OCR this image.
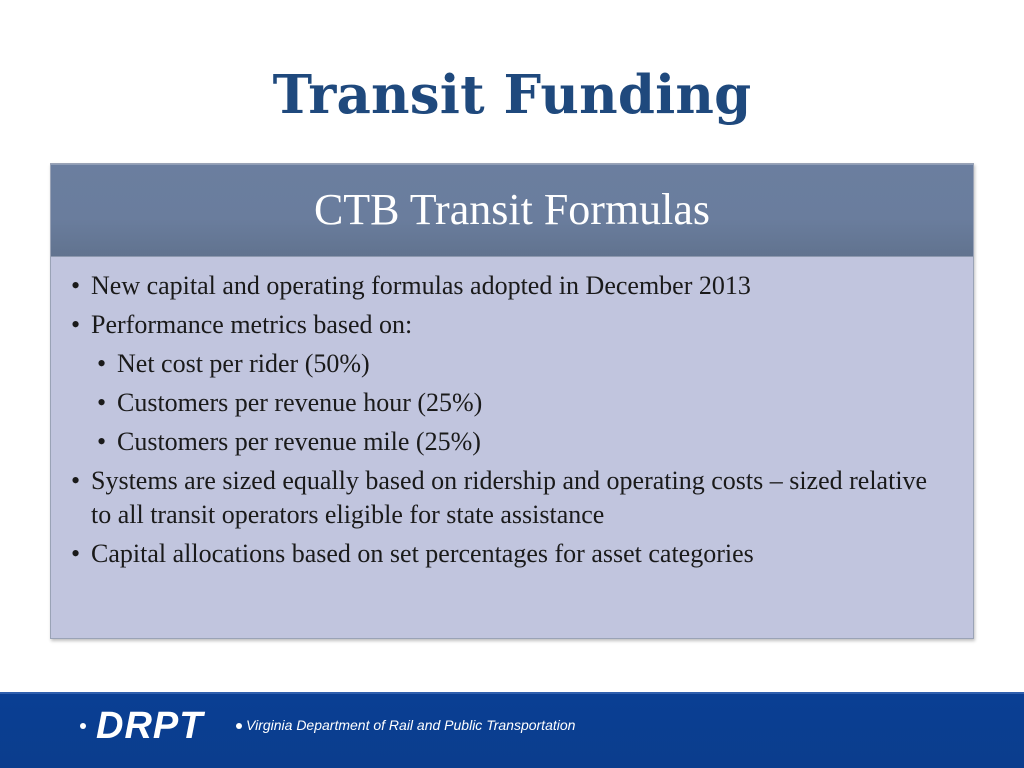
Transit Funding
CTB Transit Formulas
• New capital and operating formulas adopted in December 2013
• Performance metrics based on:
• Net cost per rider (50%)
• Customers per revenue hour (25%)
• Customers per revenue mile (25%)
• Systems are sized equally based on ridership and operating costs – sized relative to all transit operators eligible for state assistance
• Capital allocations based on set percentages for asset categories
DRPT	Virginia Department of Rail and Public Transportation
